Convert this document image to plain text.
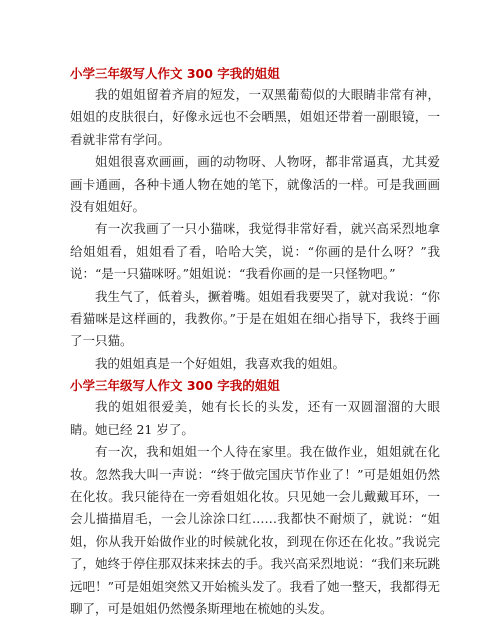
小学三年级写人作文 300 字我的姐姐

我的姐姐留着齐肩的短发，一双黑葡萄似的大眼睛非常有神，姐姐的皮肤很白，好像永远也不会晒黑，姐姐还带着一副眼镜，一看就非常有学问。

姐姐很喜欢画画，画的动物呀、人物呀，都非常逼真，尤其爱画卡通画，各种卡通人物在她的笔下，就像活的一样。可是我画画没有姐姐好。

有一次我画了一只小猫咪，我觉得非常好看，就兴高采烈地拿给姐姐看，姐姐看了看，哈哈大笑，说：“你画的是什么呀？”我说：“是一只猫咪呀。”姐姐说：“我看你画的是一只怪物吧。”

我生气了，低着头，撅着嘴。姐姐看我要哭了，就对我说：“你看猫咪是这样画的，我教你。”于是在姐姐在细心指导下，我终于画了一只猫。

我的姐姐真是一个好姐姐，我喜欢我的姐姐。

小学三年级写人作文 300 字我的姐姐

我的姐姐很爱美，她有长长的头发，还有一双圆溜溜的大眼睛。她已经 21 岁了。

有一次，我和姐姐一个人待在家里。我在做作业，姐姐就在化妆。忽然我大叫一声说：“终于做完国庆节作业了！”可是姐姐仍然在化妆。我只能待在一旁看姐姐化妆。只见她一会儿戴戴耳环，一会儿描描眉毛，一会儿涂涂口红……我都快不耐烦了，就说：“姐姐，你从我开始做作业的时候就化妆，到现在你还在化妆。”我说完了，她终于停住那双抹来抹去的手。我兴高采烈地说：“我们来玩跳远吧！”可是姐姐突然又开始梳头发了。我看了她一整天，我都得无聊了，可是姐姐仍然慢条斯理地在梳她的头发。
